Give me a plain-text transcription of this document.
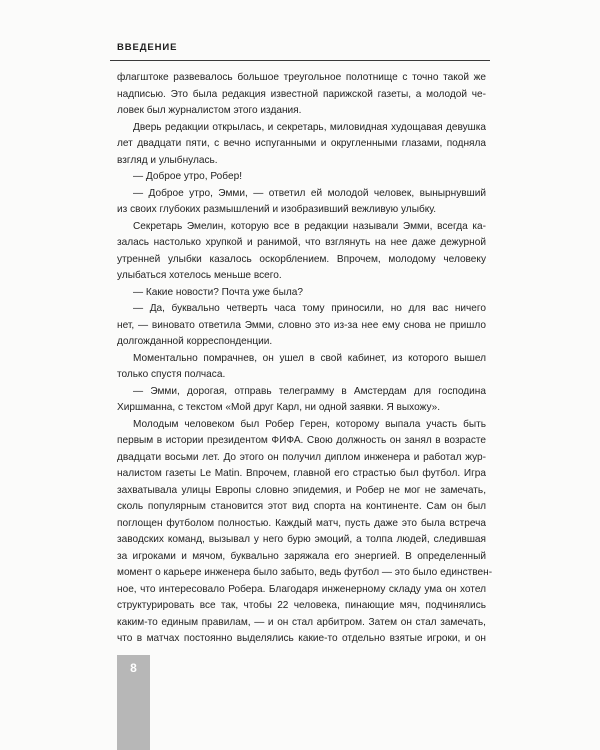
ВВЕДЕНИЕ
флагштоке развевалось большое треугольное полотнище с точно такой же
надписью. Это была редакция известной парижской газеты, а молодой че-
ловек был журналистом этого издания.
Дверь редакции открылась, и секретарь, миловидная худощавая девушка
лет двадцати пяти, с вечно испуганными и округленными глазами, подняла
взгляд и улыбнулась.
— Доброе утро, Робер!
— Доброе утро, Эмми, — ответил ей молодой человек, вынырнувший
из своих глубоких размышлений и изобразивший вежливую улыбку.
Секретарь Эмелин, которую все в редакции называли Эмми, всегда ка-
залась настолько хрупкой и ранимой, что взглянуть на нее даже дежурной
утренней улыбки казалось оскорблением. Впрочем, молодому человеку
улыбаться хотелось меньше всего.
— Какие новости? Почта уже была?
— Да, буквально четверть часа тому приносили, но для вас ничего
нет, — виновато ответила Эмми, словно это из-за нее ему снова не пришло
долгожданной корреспонденции.
Моментально помрачнев, он ушел в свой кабинет, из которого вышел
только спустя полчаса.
— Эмми, дорогая, отправь телеграмму в Амстердам для господина
Хиршманна, с текстом «Мой друг Карл, ни одной заявки. Я выхожу».
Молодым человеком был Робер Герен, которому выпала участь быть
первым в истории президентом ФИФА. Свою должность он занял в возрасте
двадцати восьми лет. До этого он получил диплом инженера и работал жур-
налистом газеты Le Matin. Впрочем, главной его страстью был футбол. Игра
захватывала улицы Европы словно эпидемия, и Робер не мог не замечать,
сколь популярным становится этот вид спорта на континенте. Сам он был
поглощен футболом полностью. Каждый матч, пусть даже это была встреча
заводских команд, вызывал у него бурю эмоций, а толпа людей, следившая
за игроками и мячом, буквально заряжала его энергией. В определенный
момент о карьере инженера было забыто, ведь футбол — это было единствен-
ное, что интересовало Робера. Благодаря инженерному складу ума он хотел
структурировать все так, чтобы 22 человека, пинающие мяч, подчинялись
каким-то единым правилам, — и он стал арбитром. Затем он стал замечать,
что в матчах постоянно выделялись какие-то отдельно взятые игроки, и он
8
